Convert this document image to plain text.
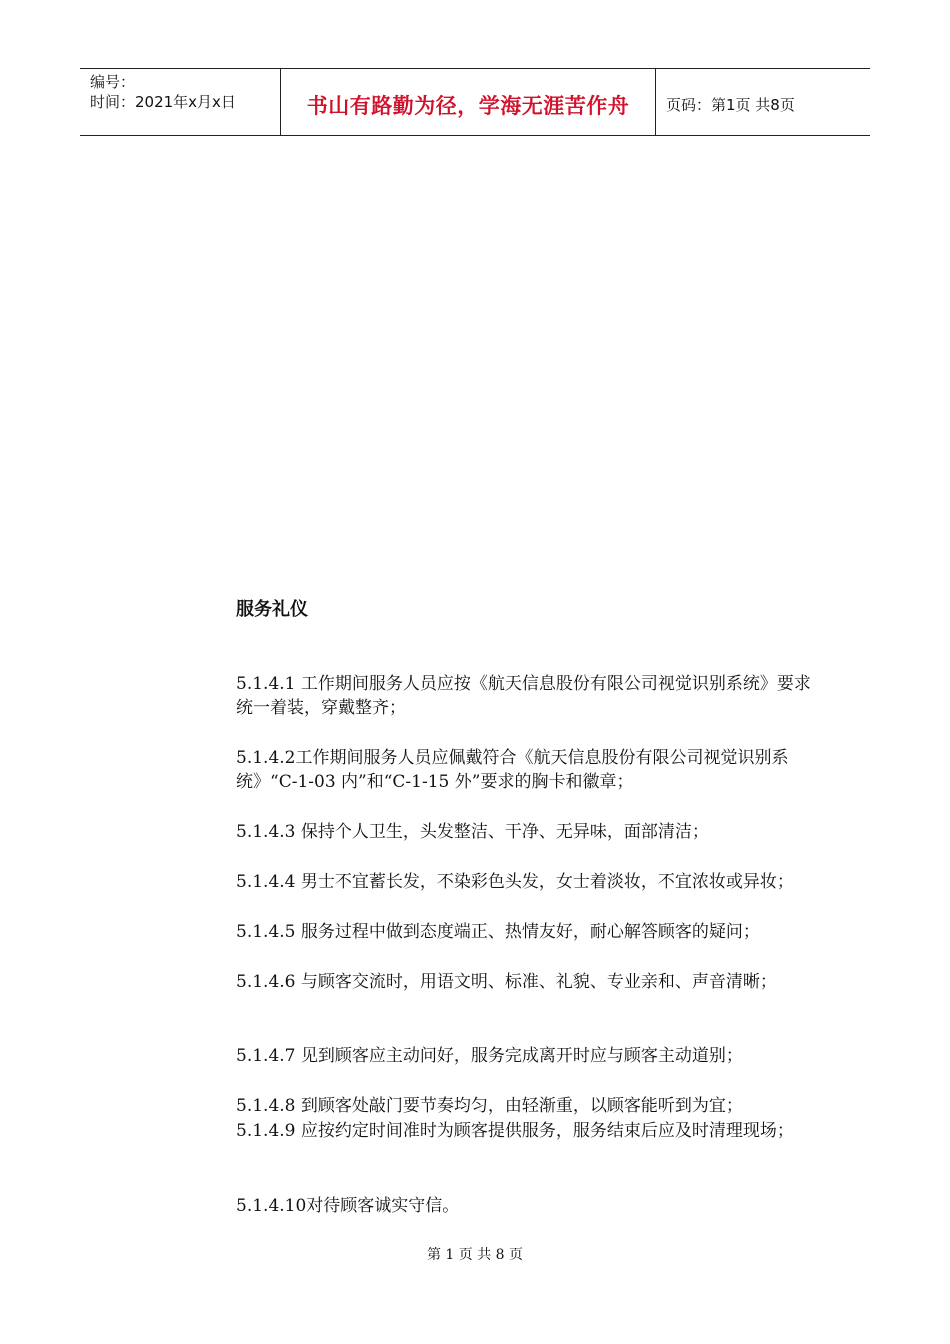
编号：
时间：2021年x月x日	书山有路勤为径，学海无涯苦作舟 页码：第1页 共8页
服务礼仪
5.1.4.1 工作期间服务人员应按《航天信息股份有限公司视觉识别系统》要求统一着装，穿戴整齐；
5.1.4.2工作期间服务人员应佩戴符合《航天信息股份有限公司视觉识别系统》“C-1-03 内”和“C-1-15 外”要求的胸卡和徽章；
5.1.4.3 保持个人卫生，头发整洁、干净、无异味，面部清洁；
5.1.4.4 男士不宜蓄长发，不染彩色头发，女士着淡妆，不宜浓妆或异妆；
5.1.4.5 服务过程中做到态度端正、热情友好，耐心解答顾客的疑问；
5.1.4.6 与顾客交流时，用语文明、标准、礼貌、专业亲和、声音清晰；
5.1.4.7 见到顾客应主动问好，服务完成离开时应与顾客主动道别；
5.1.4.8 到顾客处敲门要节奏均匀，由轻渐重，以顾客能听到为宜；
5.1.4.9 应按约定时间准时为顾客提供服务，服务结束后应及时清理现场；
5.1.4.10对待顾客诚实守信。
第 1 页 共 8 页
